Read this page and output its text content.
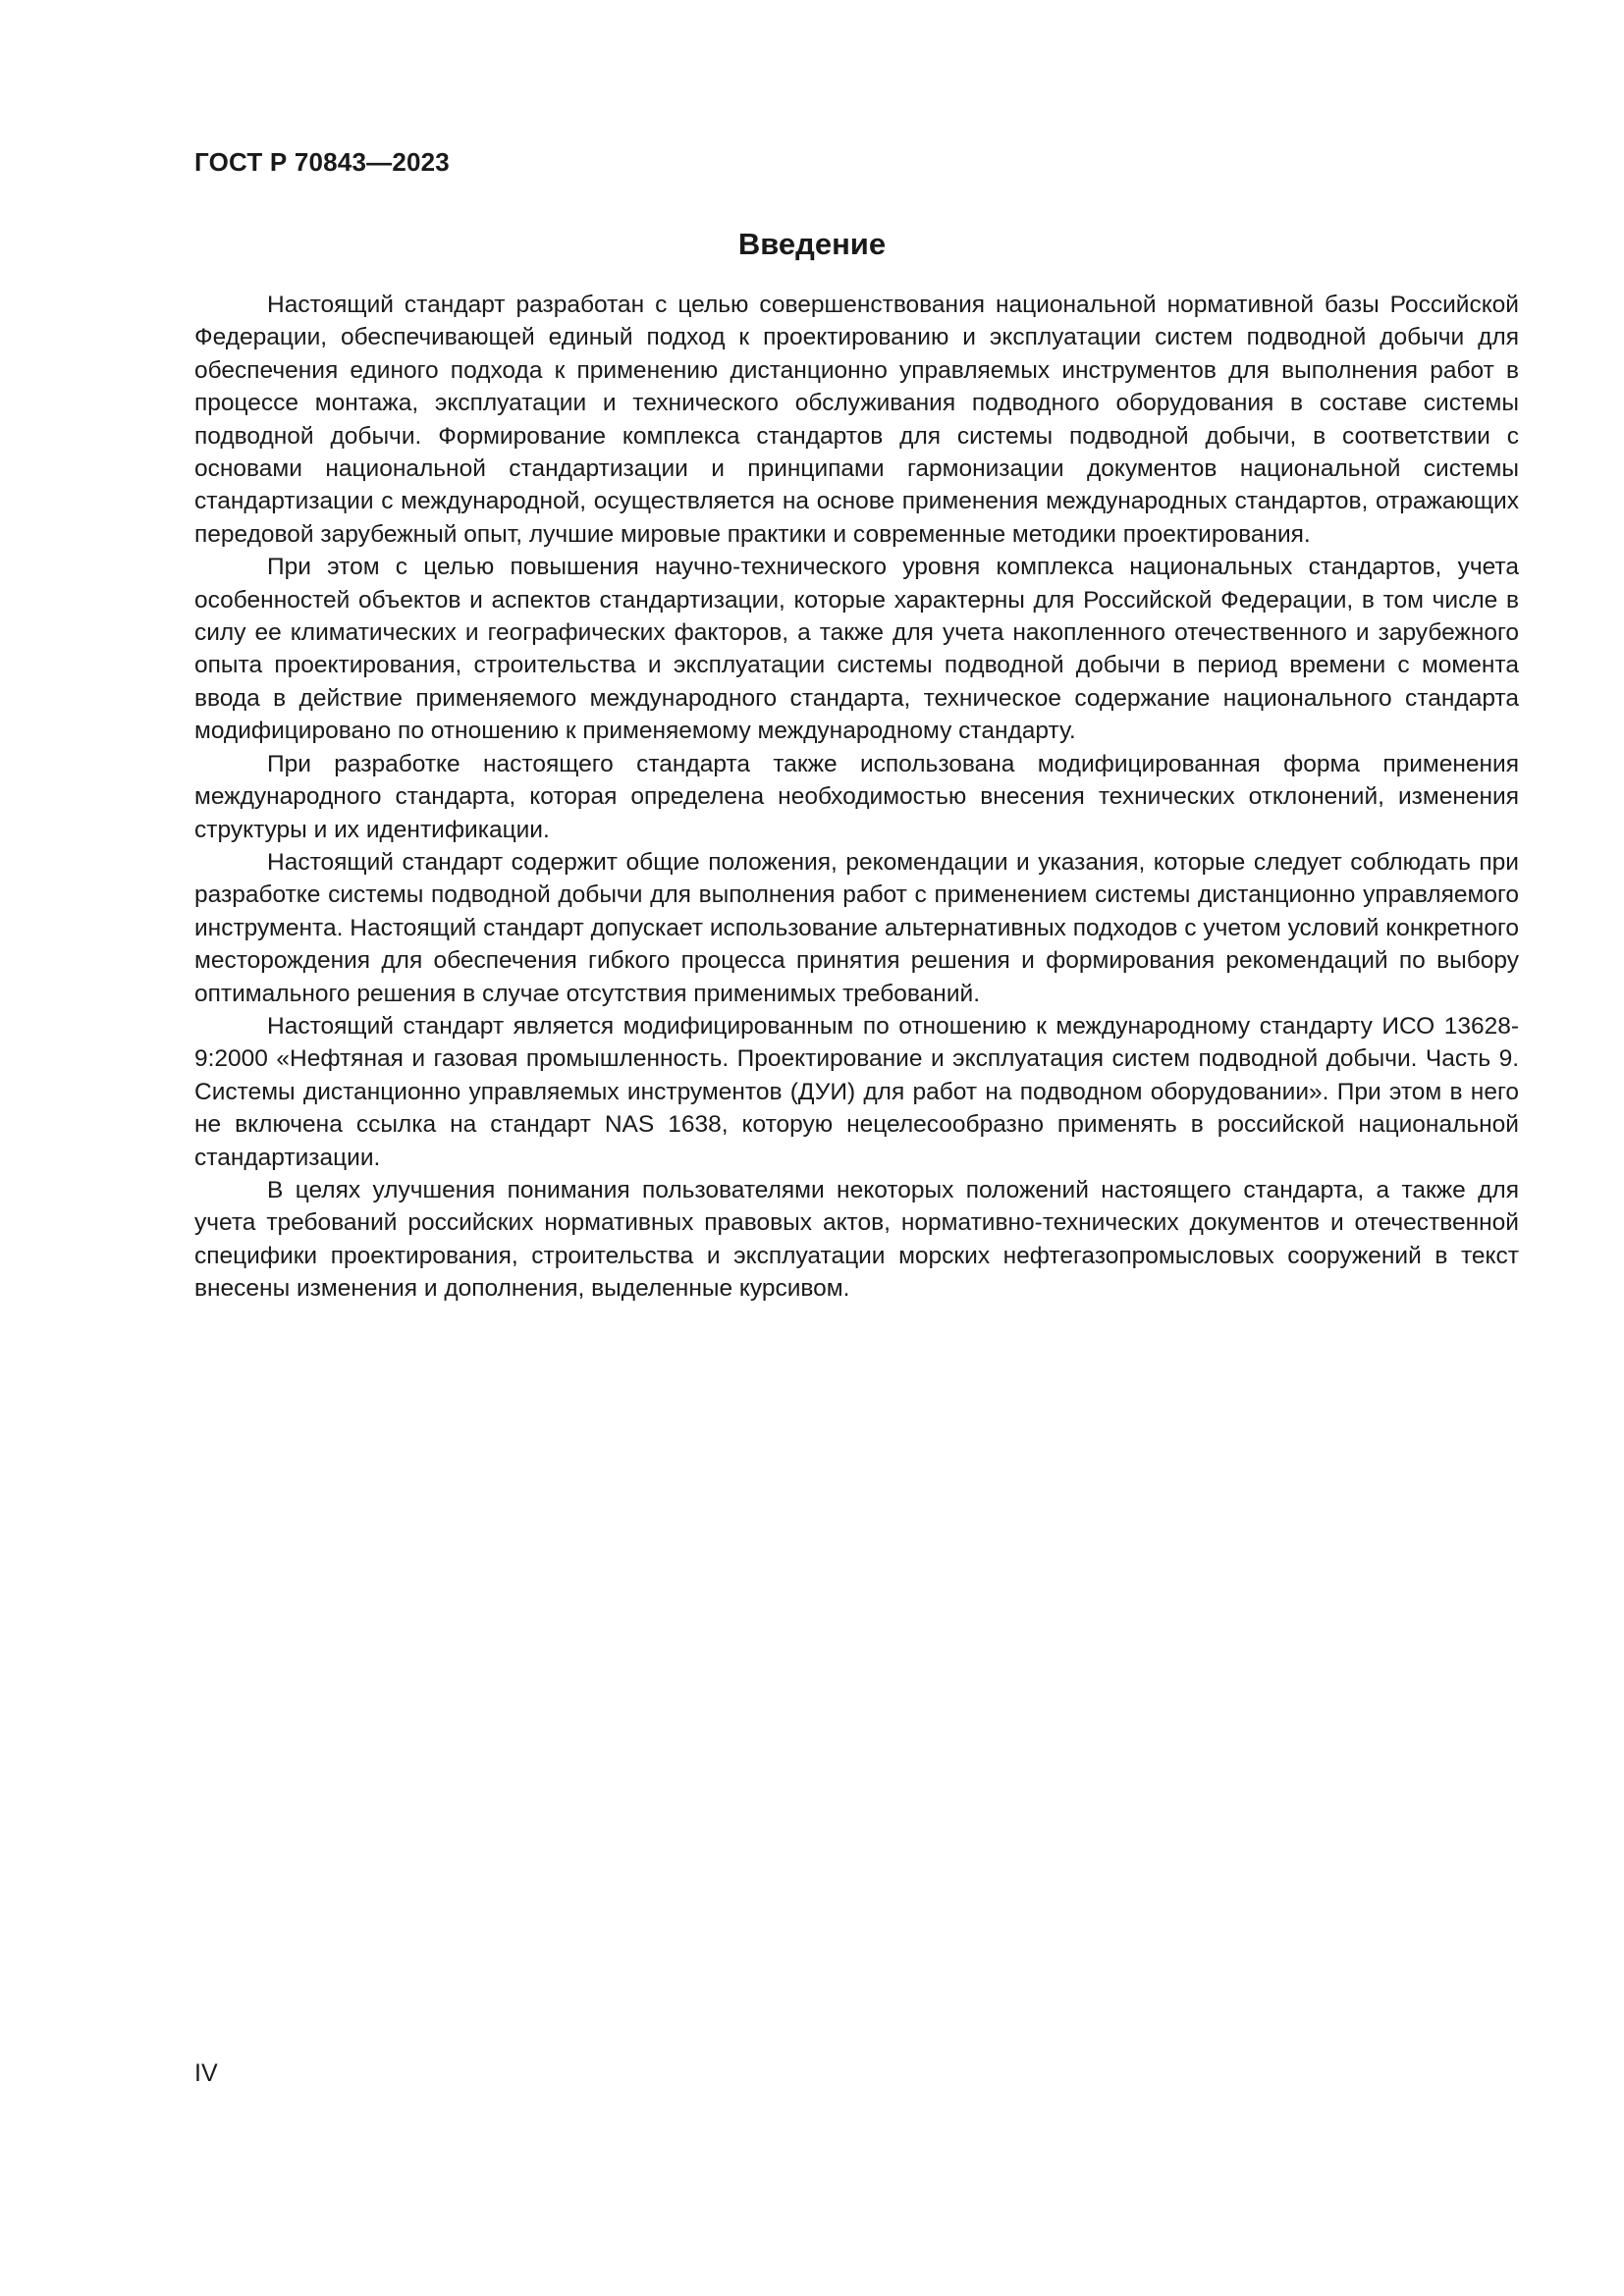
ГОСТ Р 70843—2023
Введение

Настоящий стандарт разработан с целью совершенствования национальной нормативной базы Российской Федерации, обеспечивающей единый подход к проектированию и эксплуатации систем подводной добычи для обеспечения единого подхода к применению дистанционно управляемых инструментов для выполнения работ в процессе монтажа, эксплуатации и технического обслуживания подводного оборудования в составе системы подводной добычи. Формирование комплекса стандартов для системы подводной добычи, в соответствии с основами национальной стандартизации и принципами гармонизации документов национальной системы стандартизации с международной, осуществляется на основе применения международных стандартов, отражающих передовой зарубежный опыт, лучшие мировые практики и современные методики проектирования.

При этом с целью повышения научно-технического уровня комплекса национальных стандартов, учета особенностей объектов и аспектов стандартизации, которые характерны для Российской Федерации, в том числе в силу ее климатических и географических факторов, а также для учета накопленного отечественного и зарубежного опыта проектирования, строительства и эксплуатации системы подводной добычи в период времени с момента ввода в действие применяемого международного стандарта, техническое содержание национального стандарта модифицировано по отношению к применяемому международному стандарту.

При разработке настоящего стандарта также использована модифицированная форма применения международного стандарта, которая определена необходимостью внесения технических отклонений, изменения структуры и их идентификации.

Настоящий стандарт содержит общие положения, рекомендации и указания, которые следует соблюдать при разработке системы подводной добычи для выполнения работ с применением системы дистанционно управляемого инструмента. Настоящий стандарт допускает использование альтернативных подходов с учетом условий конкретного месторождения для обеспечения гибкого процесса принятия решения и формирования рекомендаций по выбору оптимального решения в случае отсутствия применимых требований.

Настоящий стандарт является модифицированным по отношению к международному стандарту ИСО 13628-9:2000 «Нефтяная и газовая промышленность. Проектирование и эксплуатация систем подводной добычи. Часть 9. Системы дистанционно управляемых инструментов (ДУИ) для работ на подводном оборудовании». При этом в него не включена ссылка на стандарт NAS 1638, которую нецелесообразно применять в российской национальной стандартизации.

В целях улучшения понимания пользователями некоторых положений настоящего стандарта, а также для учета требований российских нормативных правовых актов, нормативно-технических документов и отечественной специфики проектирования, строительства и эксплуатации морских нефтегазопромысловых сооружений в текст внесены изменения и дополнения, выделенные курсивом.

IV
